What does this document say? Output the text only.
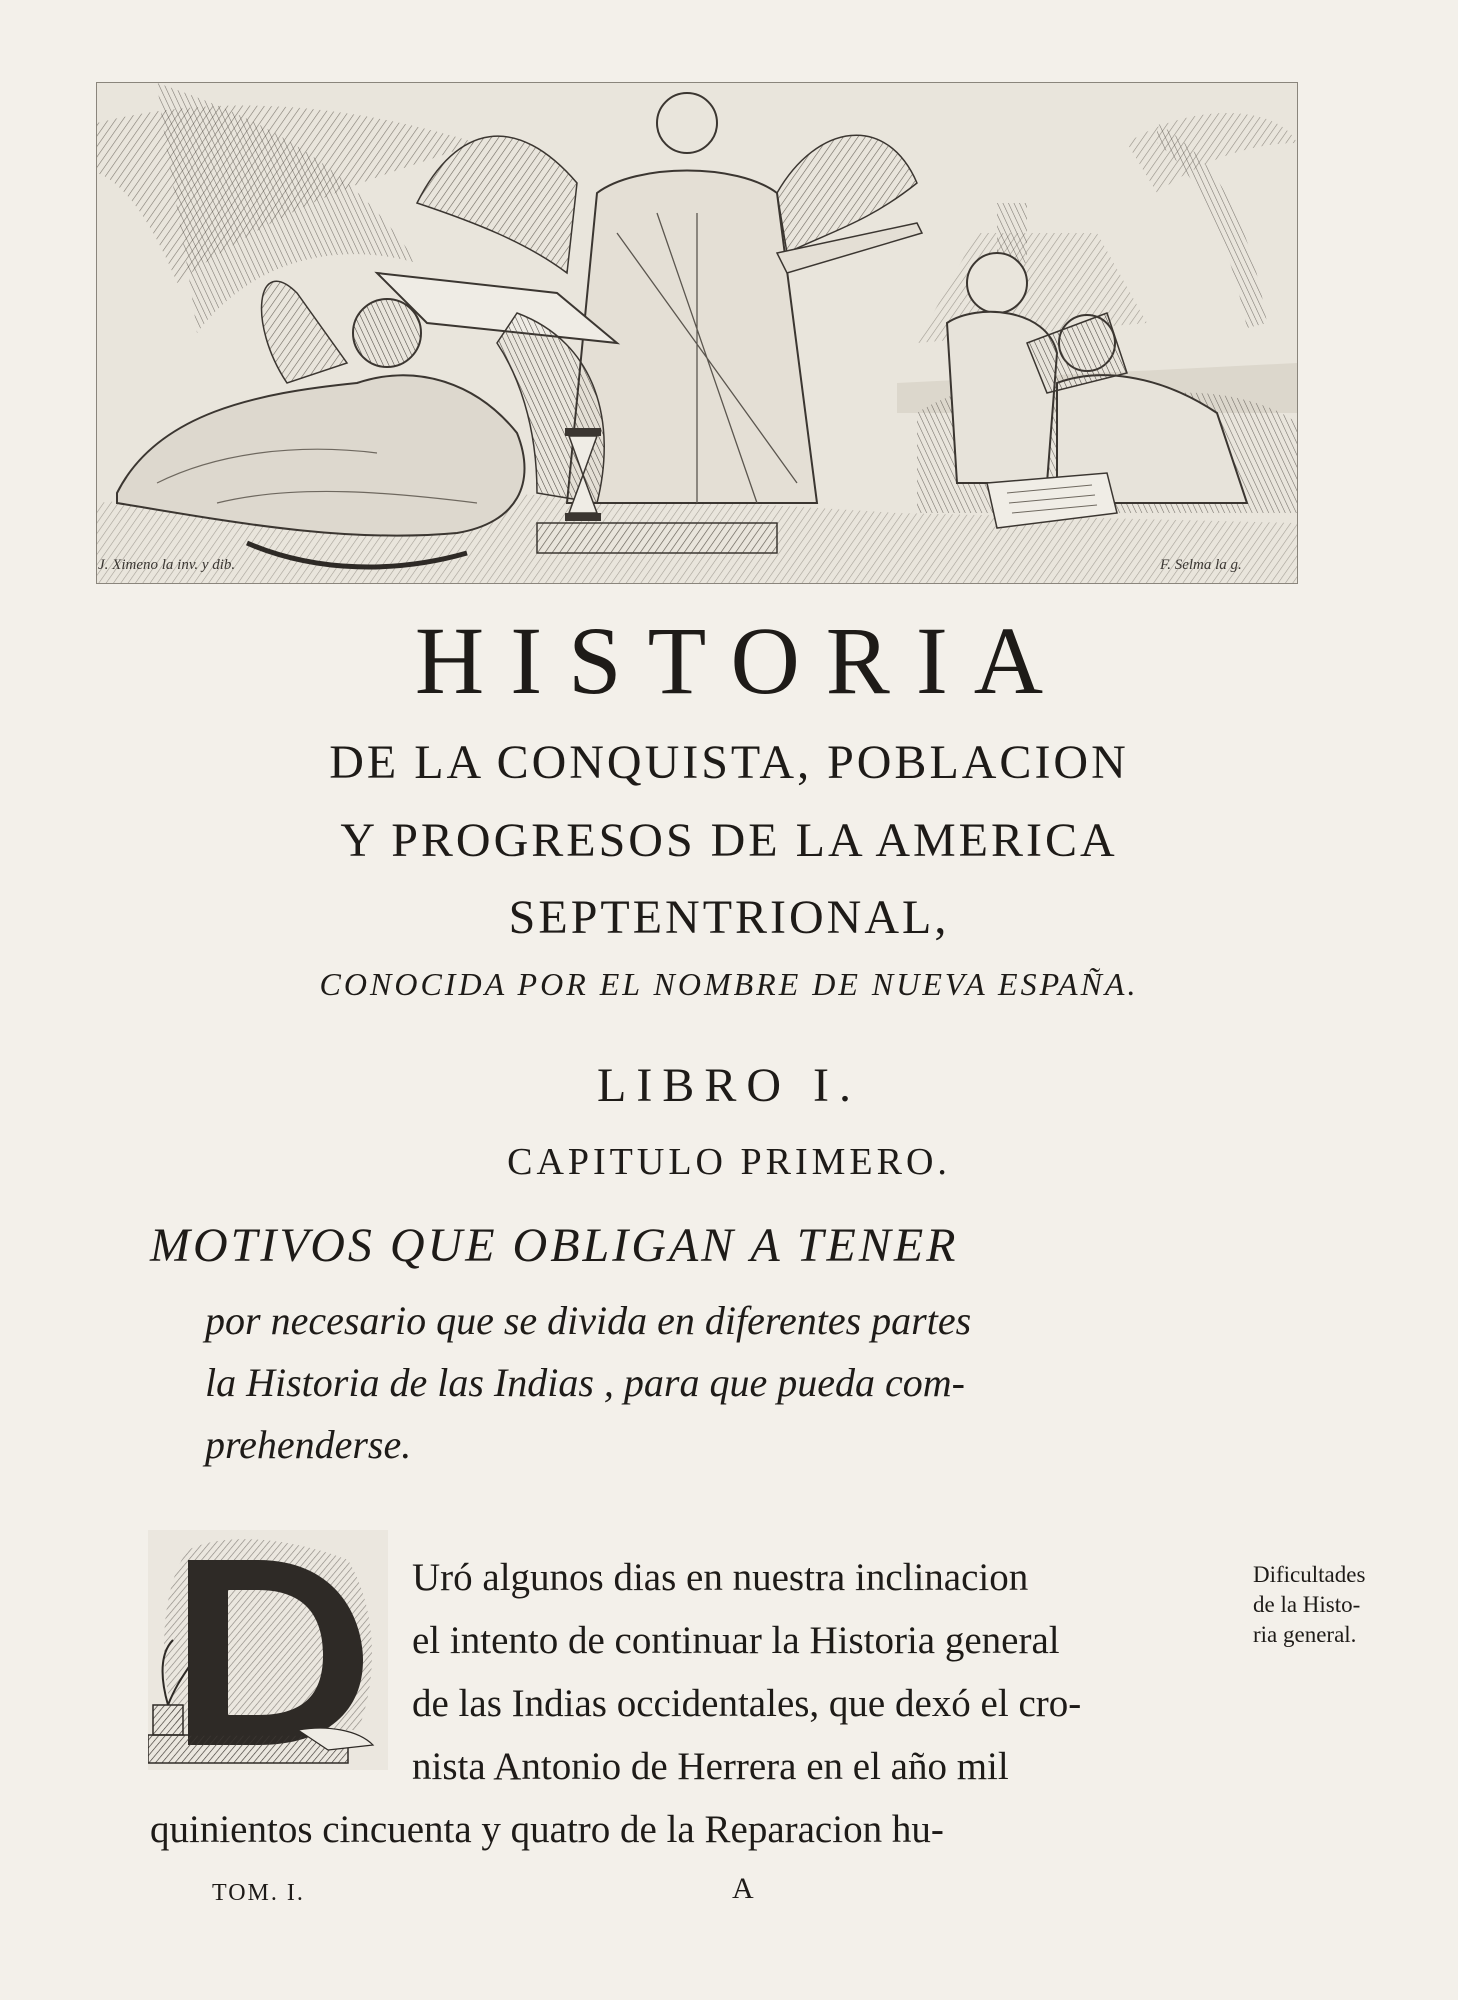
J. Ximeno la inv. y dib.	F. Selma la g.
HISTORIA
DE LA CONQUISTA, POBLACION
Y PROGRESOS DE LA AMERICA
SEPTENTRIONAL,
CONOCIDA POR EL NOMBRE DE NUEVA ESPAÑA.
LIBRO I.
CAPITULO PRIMERO.
MOTIVOS QUE OBLIGAN A TENER
por necesario que se divida en diferentes partes
la Historia de las Indias , para que pueda com-
prehenderse.
Uró algunos dias en nuestra inclinacion
el intento de continuar la Historia general
de las Indias occidentales, que dexó el cro-
nista Antonio de Herrera en el año mil
quinientos cincuenta y quatro de la Reparacion hu-
Dificultades
de la Histo-
ria general.
TOM. I.	A
